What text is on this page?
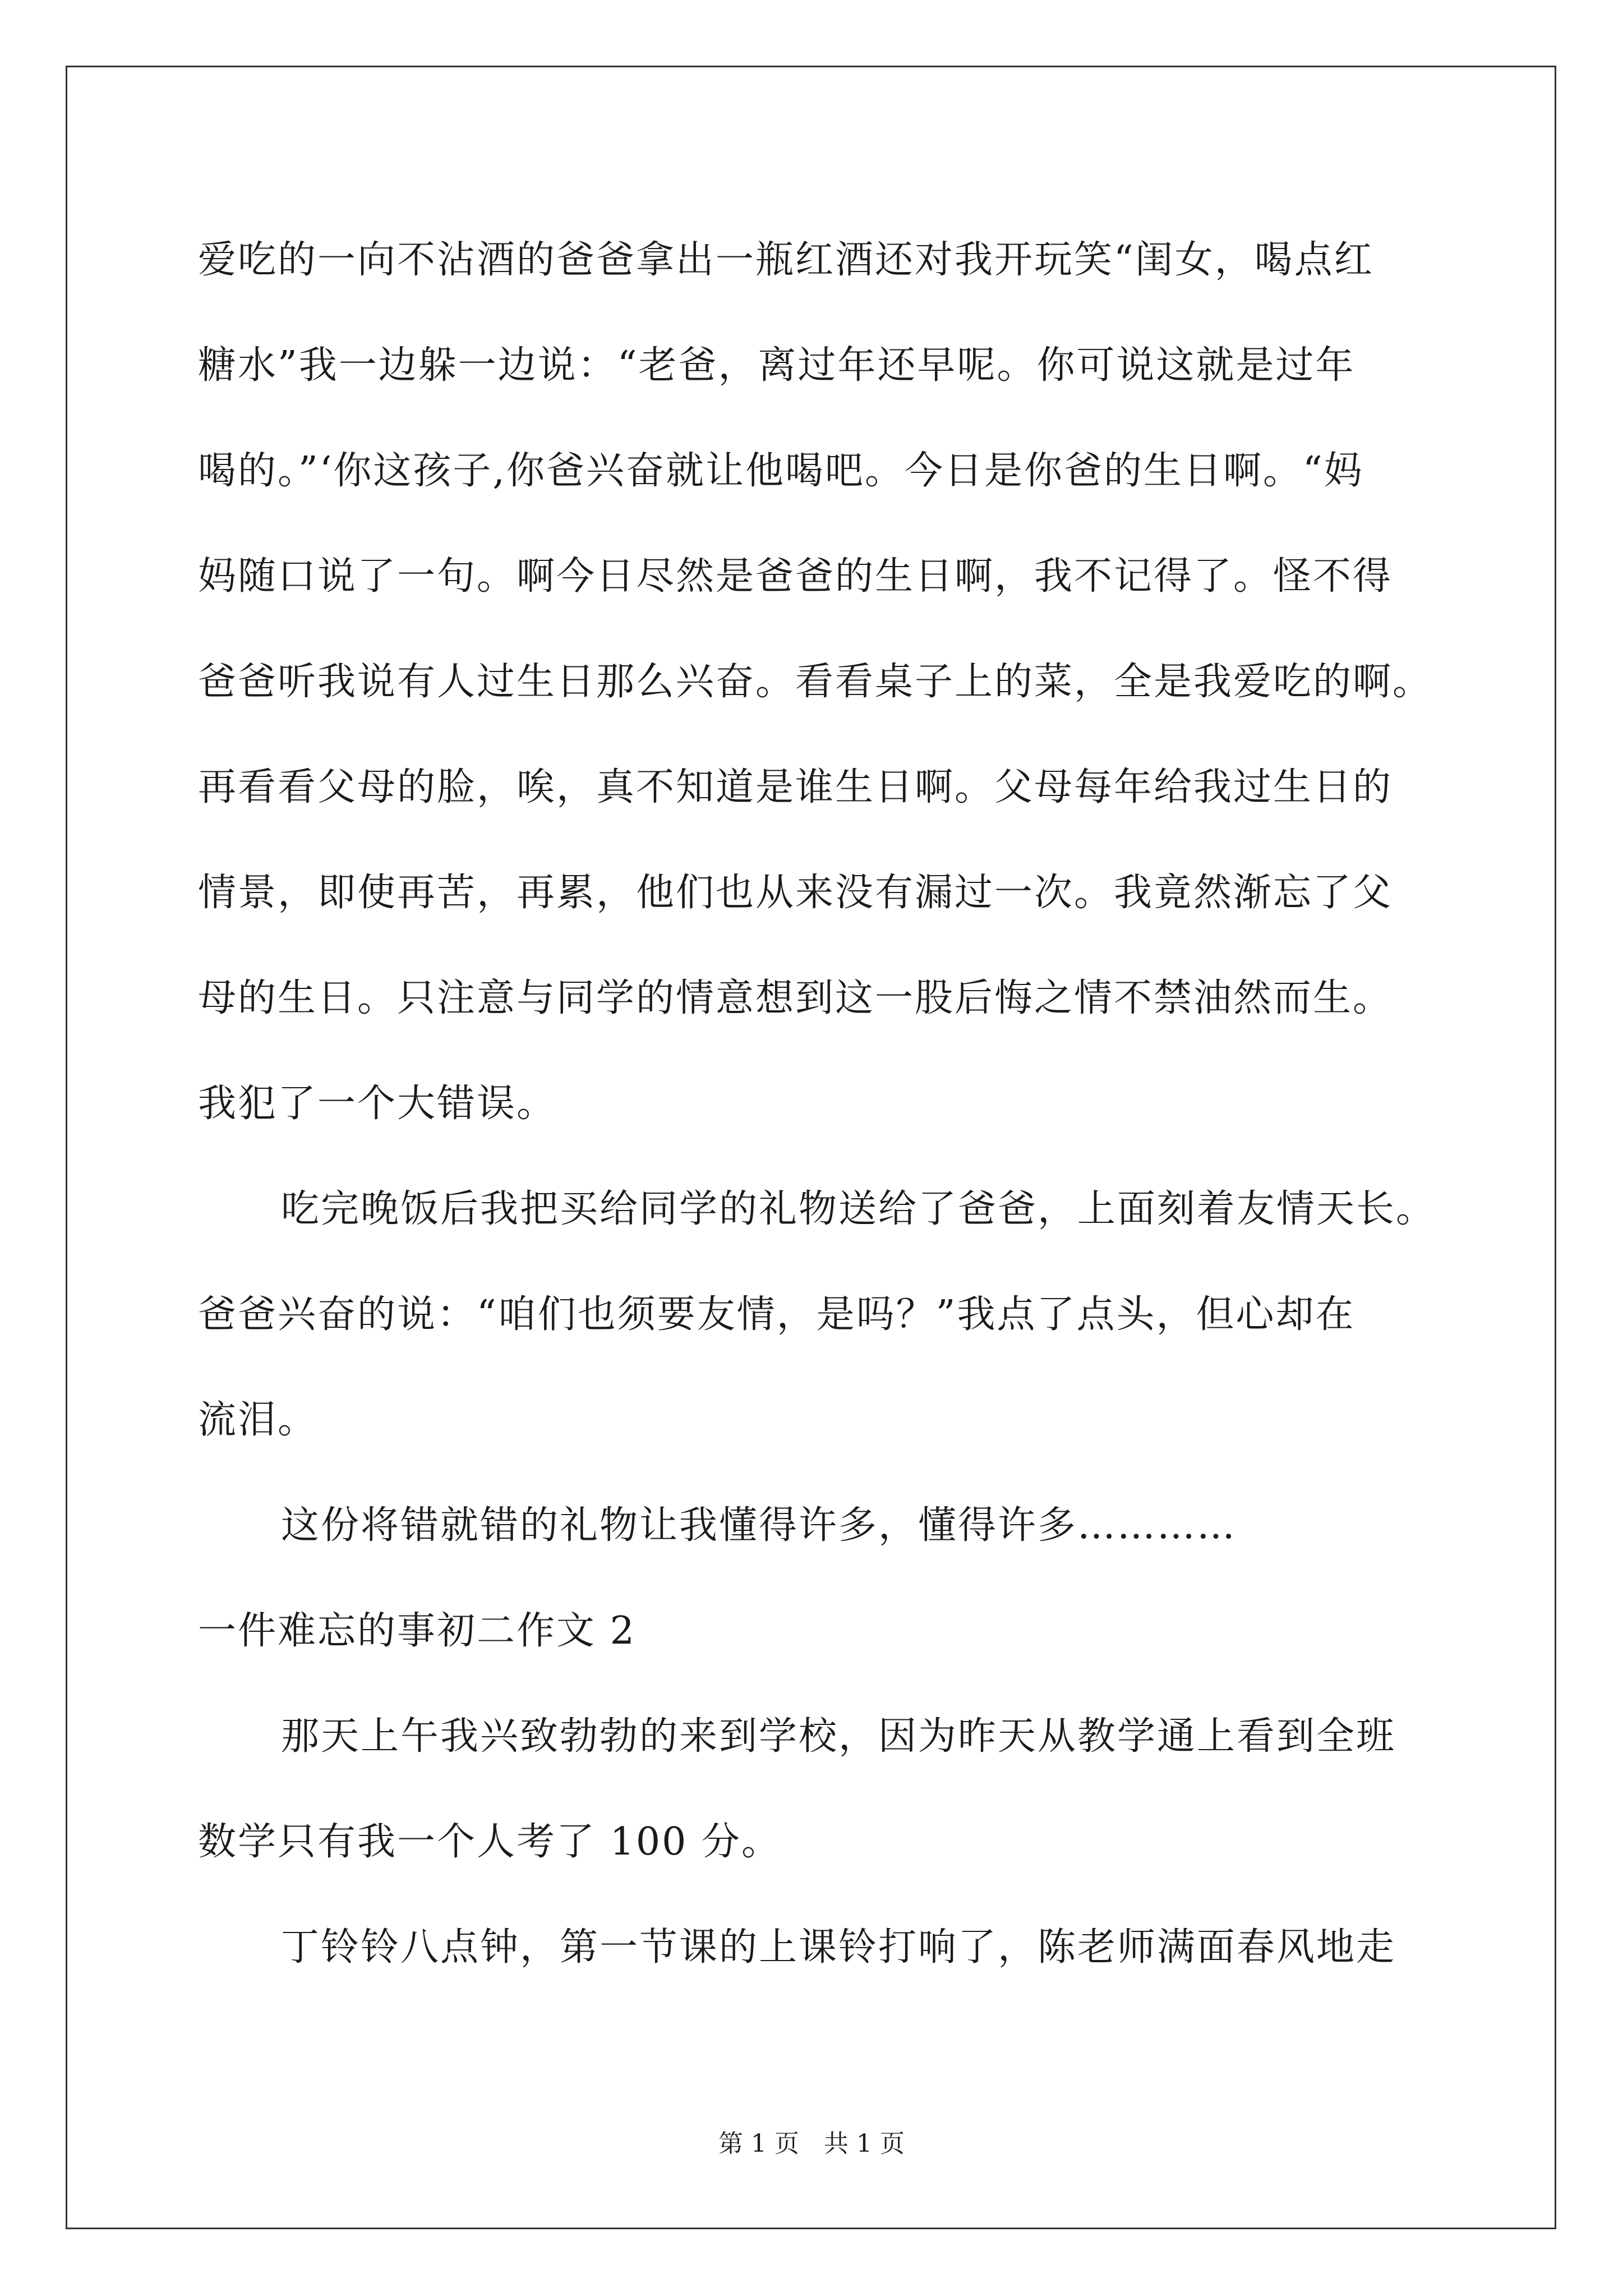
爱吃的一向不沾酒的爸爸拿出一瓶红酒还对我开玩笑“闺女，喝点红
糖水”我一边躲一边说：“老爸，离过年还早呢。你可说这就是过年
喝的。”‘你这孩子,你爸兴奋就让他喝吧。今日是你爸的生日啊。“妈
妈随口说了一句。啊今日尽然是爸爸的生日啊，我不记得了。怪不得
爸爸听我说有人过生日那么兴奋。看看桌子上的菜，全是我爱吃的啊。
再看看父母的脸，唉，真不知道是谁生日啊。父母每年给我过生日的
情景，即使再苦，再累，他们也从来没有漏过一次。我竟然渐忘了父
母的生日。只注意与同学的情意想到这一股后悔之情不禁油然而生。
我犯了一个大错误。
吃完晚饭后我把买给同学的礼物送给了爸爸，上面刻着友情天长。
爸爸兴奋的说：“咱们也须要友情，是吗？”我点了点头，但心却在
流泪。
这份将错就错的礼物让我懂得许多，懂得许多…………
一件难忘的事初二作文 2
那天上午我兴致勃勃的来到学校，因为昨天从教学通上看到全班
数学只有我一个人考了 100 分。
丁铃铃八点钟，第一节课的上课铃打响了，陈老师满面春风地走
第 1 页　共 1 页
